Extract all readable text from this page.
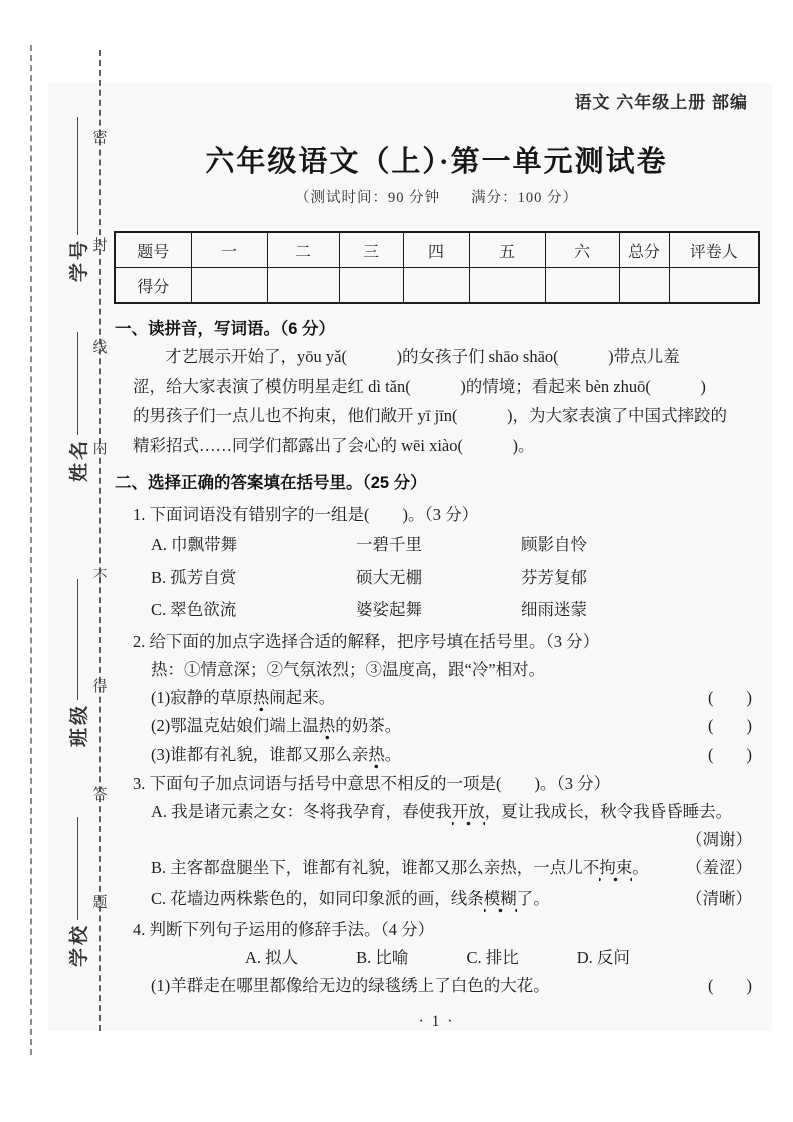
密
封
线
内
不
得
答
题
学号
姓名
班级
学校
语文 六年级上册 部编
六年级语文（上）·第一单元测试卷
（测试时间：90 分钟　　满分：100 分）
题号	一	二	三	四	五	六	总分	评卷人
得分								
一、读拼音，写词语。（6 分）
才艺展示开始了，yōu yǎ(　　　)的女孩子们 shāo shāo(　　　)带点儿羞
涩，给大家表演了模仿明星走红 dì tǎn(　　　)的情境；看起来 bèn zhuō(　　　)
的男孩子们一点儿也不拘束，他们敞开 yī jīn(　　　)，为大家表演了中国式摔跤的
精彩招式……同学们都露出了会心的 wēi xiào(　　　)。
二、选择正确的答案填在括号里。（25 分）
1. 下面词语没有错别字的一组是(　　)。（3 分）
A. 巾飘带舞	一碧千里	顾影自怜
B. 孤芳自赏	硕大无棚	芬芳复郁
C. 翠色欲流	婆娑起舞	细雨迷蒙
2. 给下面的加点字选择合适的解释，把序号填在括号里。（3 分）
热：①情意深；②气氛浓烈；③温度高，跟“冷”相对。
(1)寂静的草原热闹起来。	(　　)
(2)鄂温克姑娘们端上温热的奶茶。	(　　)
(3)谁都有礼貌，谁都又那么亲热。	(　　)
3. 下面句子加点词语与括号中意思不相反的一项是(　　)。（3 分）
A. 我是诸元素之女：冬将我孕育，春使我开放，夏让我成长，秋令我昏昏睡去。
（凋谢）
B. 主客都盘腿坐下，谁都有礼貌，谁都又那么亲热，一点儿不拘束。 （羞涩）
C. 花墙边两株紫色的，如同印象派的画，线条模糊了。	（清晰）
4. 判断下列句子运用的修辞手法。（4 分）
A. 拟人	B. 比喻	C. 排比	D. 反问
(1)羊群走在哪里都像给无边的绿毯绣上了白色的大花。	(　　)
· 1 ·
